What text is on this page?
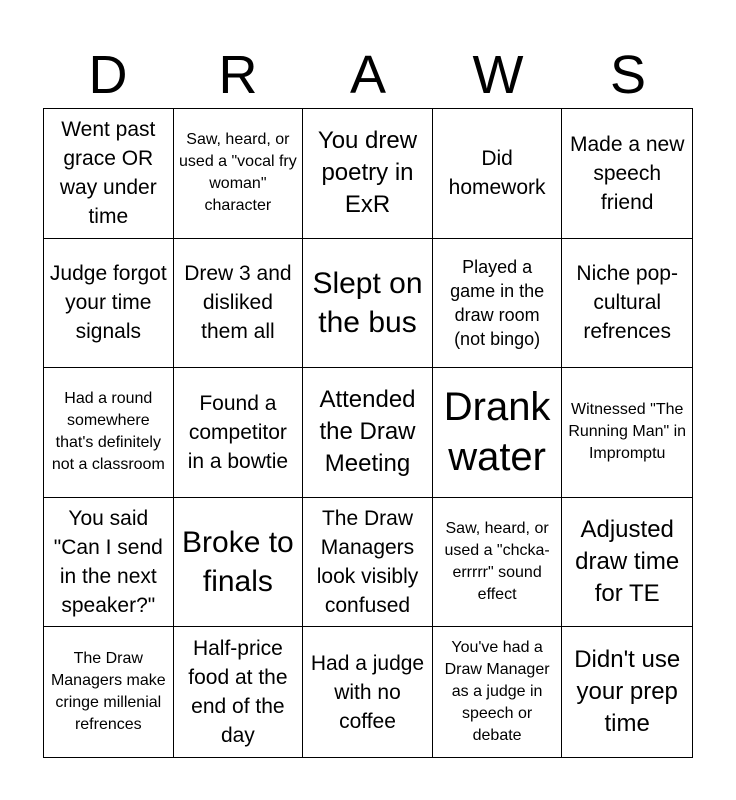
D	R	A	W	S
Went past grace OR way under time
Saw, heard, or used a "vocal fry woman" character
You drew poetry in ExR
Did homework
Made a new speech friend
Judge forgot your time signals
Drew 3 and disliked them all
Slept on the bus
Played a game in the draw room (not bingo)
Niche pop-cultural refrences
Had a round somewhere that's definitely not a classroom
Found a competitor in a bowtie
Attended the Draw Meeting
Drank water
Witnessed "The Running Man" in Impromptu
You said "Can I send in the next speaker?"
Broke to finals
The Draw Managers look visibly confused
Saw, heard, or used a "chcka-errrrr" sound effect
Adjusted draw time for TE
The Draw Managers make cringe millenial refrences
Half-price food at the end of the day
Had a judge with no coffee
You've had a Draw Manager as a judge in speech or debate
Didn't use your prep time
